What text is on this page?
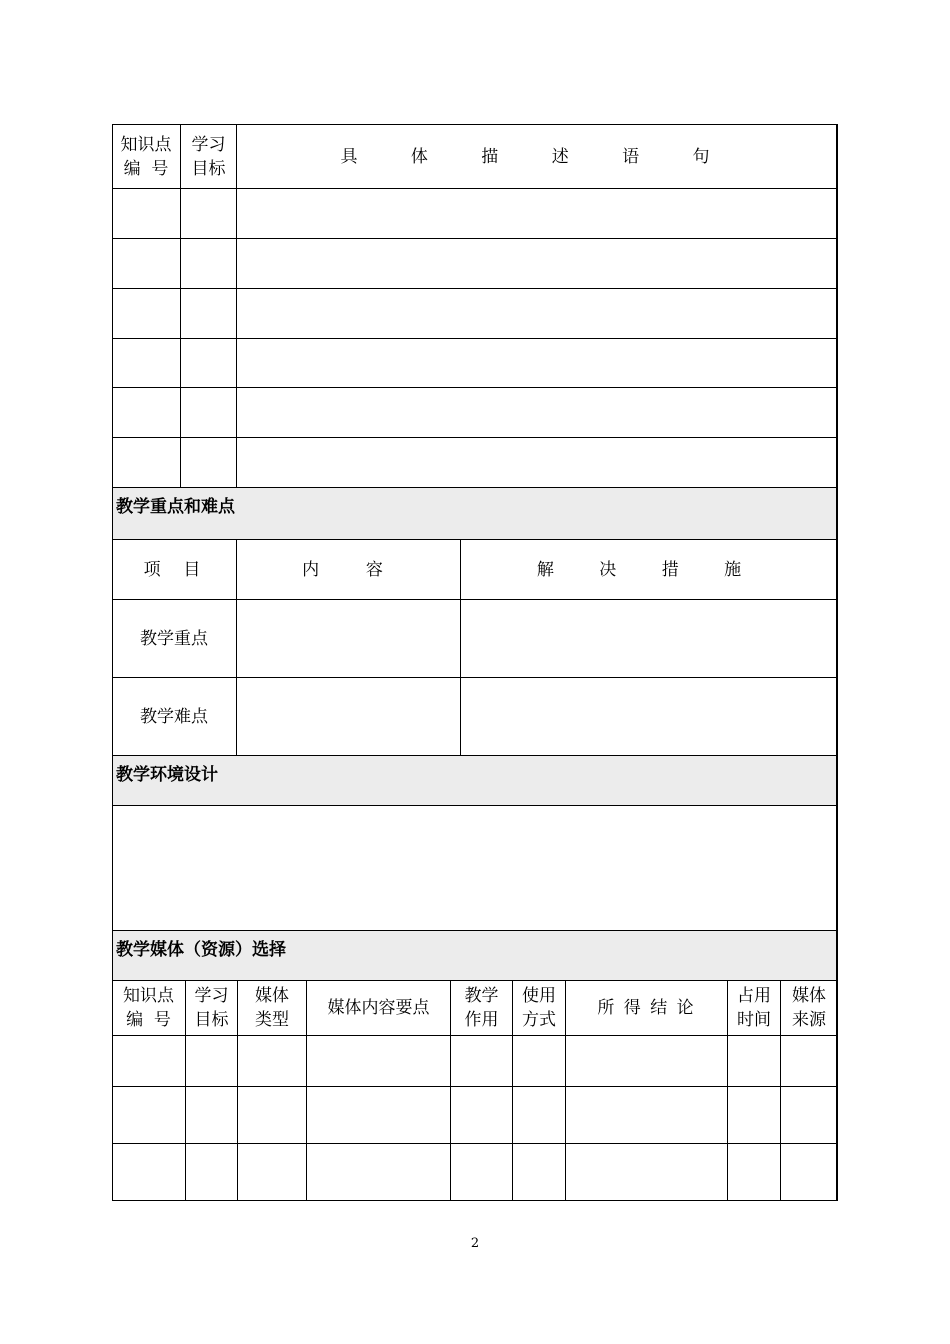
知识点
编  号
学习
目标
具 体 描 述 语 句
教学重点和难点
项  目	内  容	解 决 措 施
教学重点
教学难点
教学环境设计
教学媒体（资源）选择
知识点
编  号
学习
目标
媒体
类型
媒体内容要点
教学
作用
使用
方式
所 得 结 论
占用
时间
媒体
来源
2
